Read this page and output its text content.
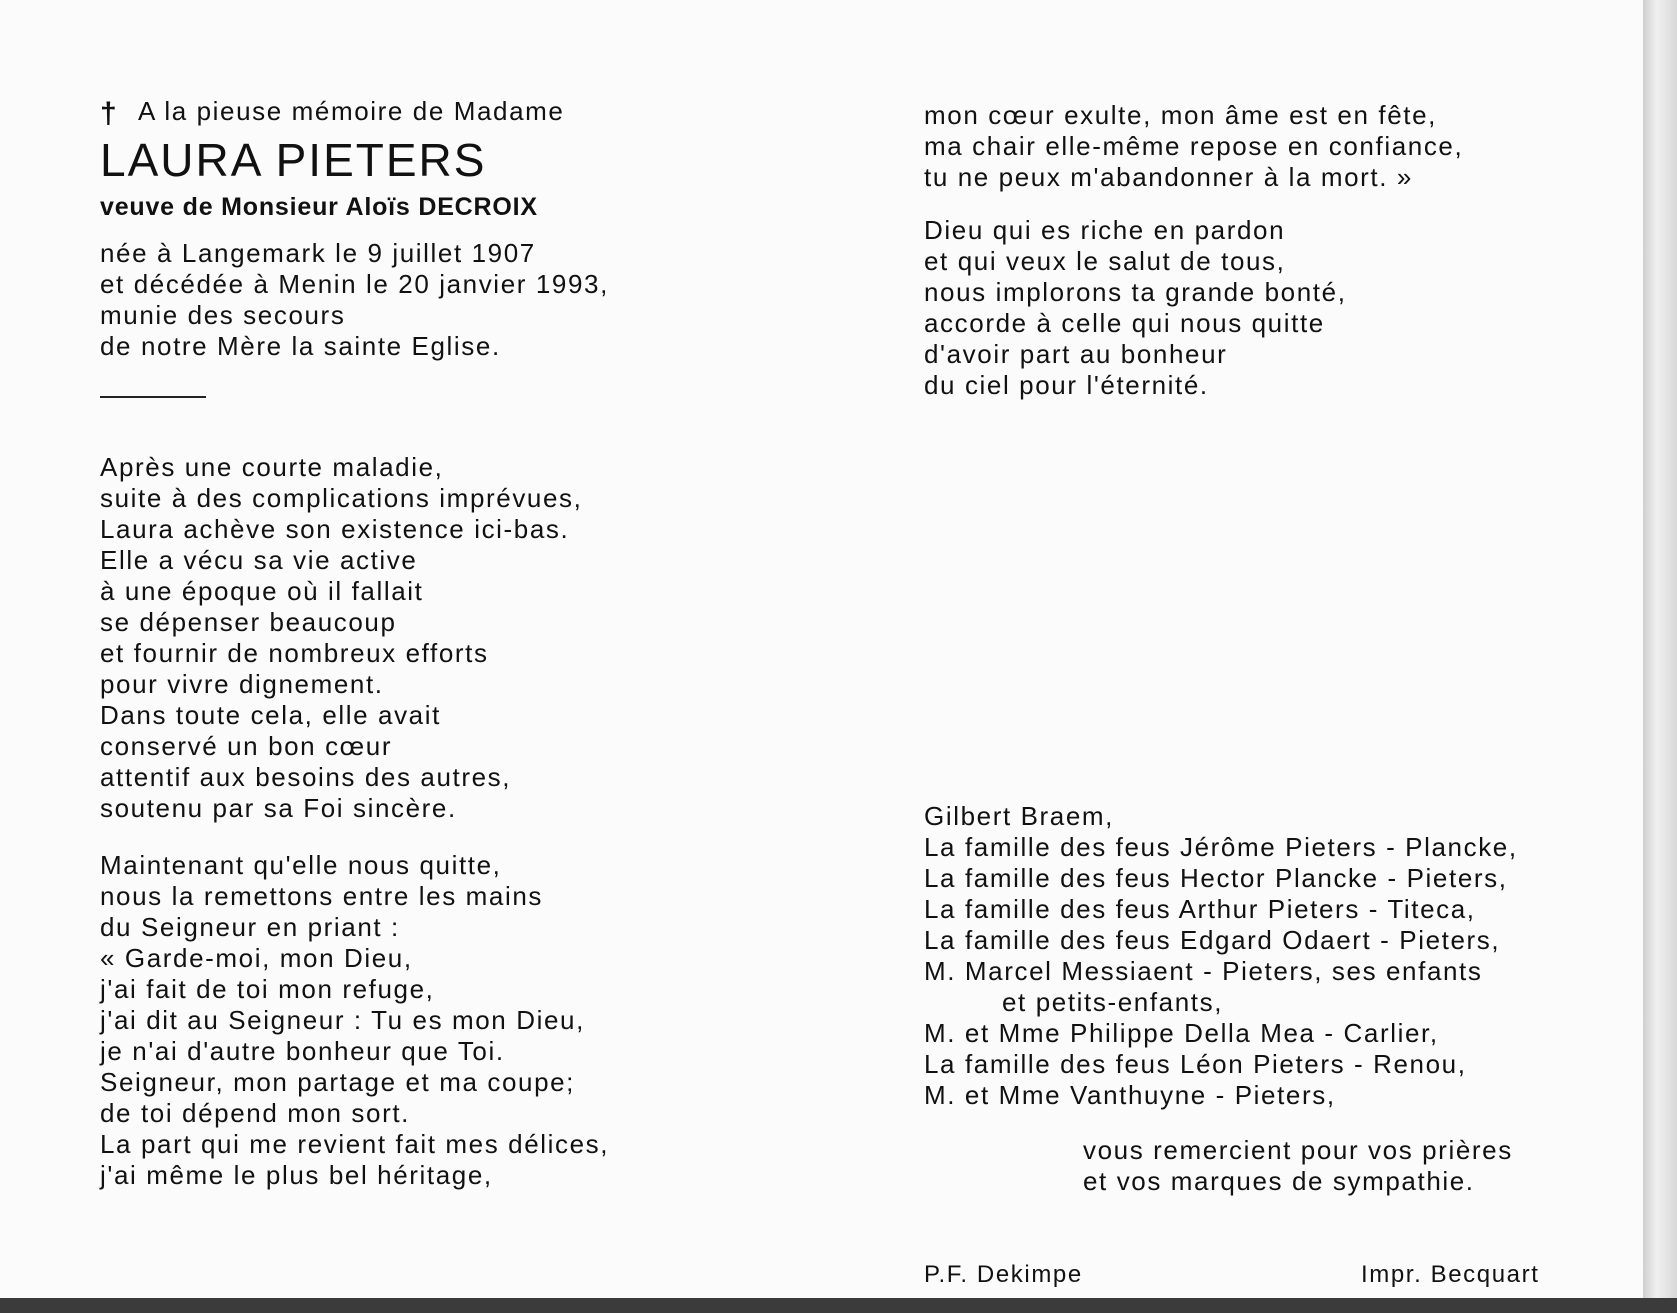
† A la pieuse mémoire de Madame
LAURA PIETERS
veuve de Monsieur Aloïs DECROIX
née à Langemark le 9 juillet 1907
et décédée à Menin le 20 janvier 1993,
munie des secours
de notre Mère la sainte Eglise.
Après une courte maladie,
suite à des complications imprévues,
Laura achève son existence ici-bas.
Elle a vécu sa vie active
à une époque où il fallait
se dépenser beaucoup
et fournir de nombreux efforts
pour vivre dignement.
Dans toute cela, elle avait
conservé un bon cœur
attentif aux besoins des autres,
soutenu par sa Foi sincère.
Maintenant qu'elle nous quitte,
nous la remettons entre les mains
du Seigneur en priant :
« Garde-moi, mon Dieu,
j'ai fait de toi mon refuge,
j'ai dit au Seigneur : Tu es mon Dieu,
je n'ai d'autre bonheur que Toi.
Seigneur, mon partage et ma coupe;
de toi dépend mon sort.
La part qui me revient fait mes délices,
j'ai même le plus bel héritage,
mon cœur exulte, mon âme est en fête,
ma chair elle-même repose en confiance,
tu ne peux m'abandonner à la mort. »
Dieu qui es riche en pardon
et qui veux le salut de tous,
nous implorons ta grande bonté,
accorde à celle qui nous quitte
d'avoir part au bonheur
du ciel pour l'éternité.
Gilbert Braem,
La famille des feus Jérôme Pieters - Plancke,
La famille des feus Hector Plancke - Pieters,
La famille des feus Arthur Pieters - Titeca,
La famille des feus Edgard Odaert - Pieters,
M. Marcel Messiaent - Pieters, ses enfants
et petits-enfants,
M. et Mme Philippe Della Mea - Carlier,
La famille des feus Léon Pieters - Renou,
M. et Mme Vanthuyne - Pieters,
vous remercient pour vos prières
et vos marques de sympathie.
P.F. Dekimpe	Impr. Becquart
